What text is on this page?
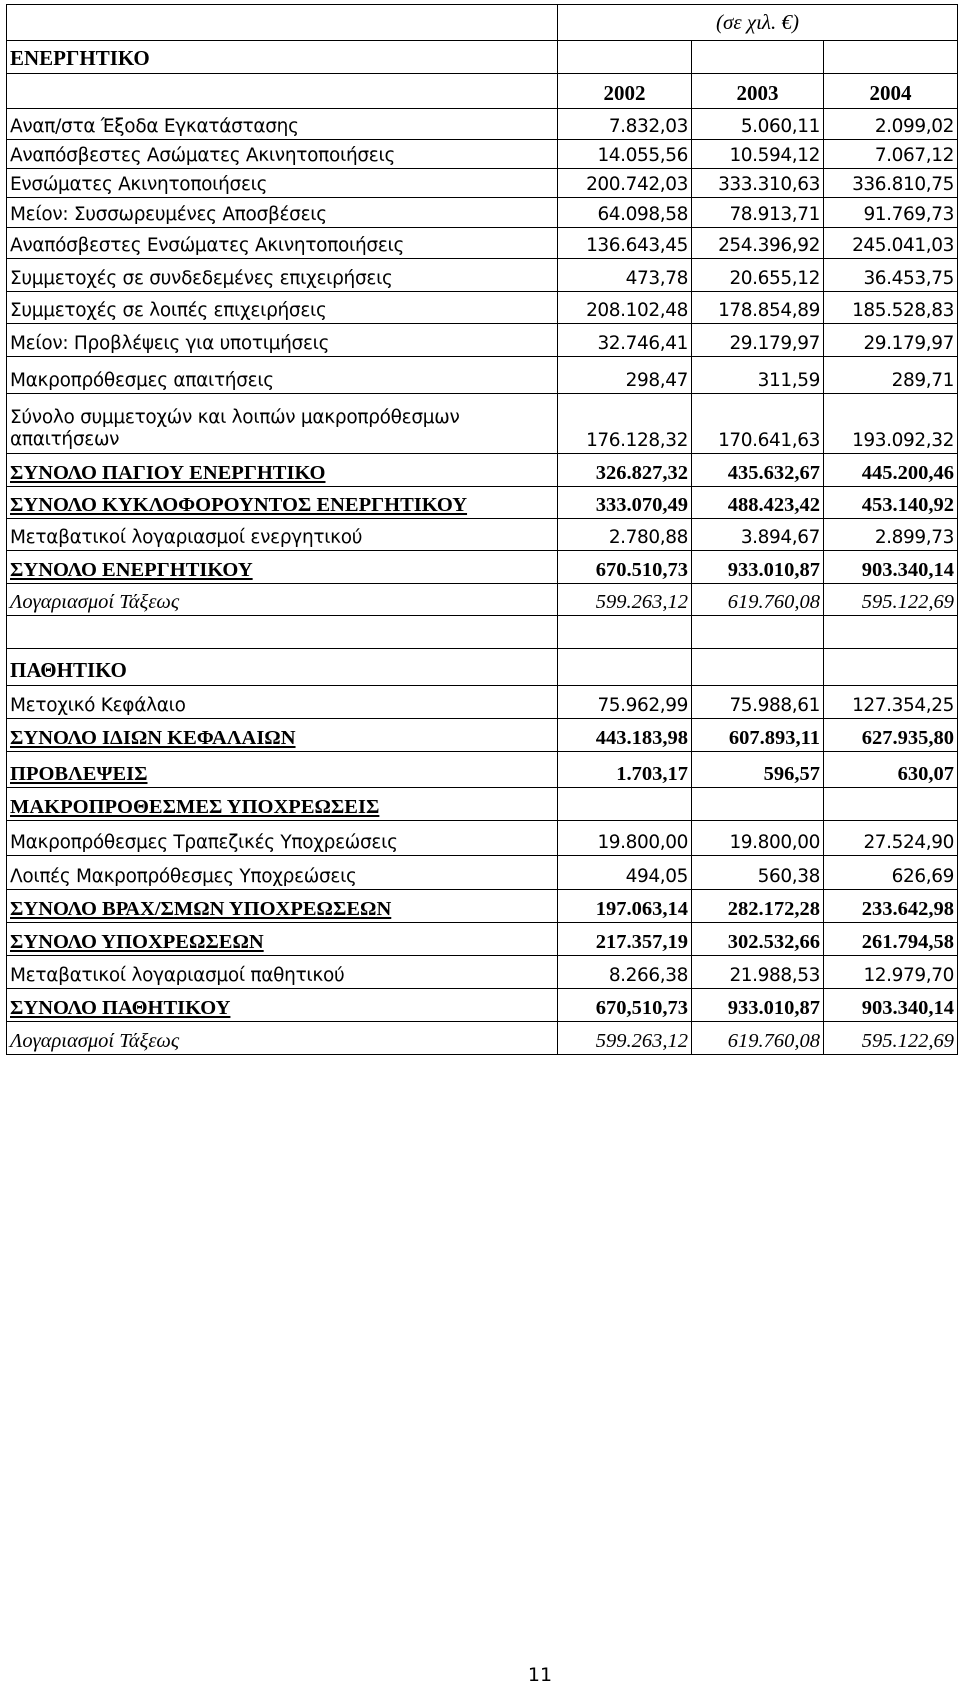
	(σε χιλ. €)		
ΕΝΕΡΓΗΤΙΚΟ			
	2002	2003	2004
Αναπ/στα Έξοδα Εγκατάστασης	7.832,03	5.060,11	2.099,02
Αναπόσβεστες Ασώματες Ακινητοποιήσεις	14.055,56	10.594,12	7.067,12
Ενσώματες Ακινητοποιήσεις	200.742,03	333.310,63	336.810,75
Μείον: Συσσωρευμένες Αποσβέσεις	64.098,58	78.913,71	91.769,73
Αναπόσβεστες Ενσώματες Ακινητοποιήσεις	136.643,45	254.396,92	245.041,03
Συμμετοχές σε συνδεδεμένες επιχειρήσεις	473,78	20.655,12	36.453,75
Συμμετοχές σε λοιπές επιχειρήσεις	208.102,48	178.854,89	185.528,83
Μείον: Προβλέψεις για υποτιμήσεις	32.746,41	29.179,97	29.179,97
Μακροπρόθεσμες απαιτήσεις	298,47	311,59	289,71
Σύνολο συμμετοχών και λοιπών μακροπρόθεσμων απαιτήσεων	176.128,32	170.641,63	193.092,32
ΣΥΝΟΛΟ ΠΑΓΙΟΥ ΕΝΕΡΓΗΤΙΚΟ	326.827,32	435.632,67	445.200,46
ΣΥΝΟΛΟ ΚΥΚΛΟΦΟΡΟΥΝΤΟΣ ΕΝΕΡΓΗΤΙΚΟΥ	333.070,49	488.423,42	453.140,92
Μεταβατικοί λογαριασμοί ενεργητικού	2.780,88	3.894,67	2.899,73
ΣΥΝΟΛΟ ΕΝΕΡΓΗΤΙΚΟΥ	670.510,73	933.010,87	903.340,14
Λογαριασμοί Τάξεως	599.263,12	619.760,08	595.122,69

ΠΑΘΗΤΙΚΟ			
Μετοχικό Κεφάλαιο	75.962,99	75.988,61	127.354,25
ΣΥΝΟΛΟ ΙΔΙΩΝ ΚΕΦΑΛΑΙΩΝ	443.183,98	607.893,11	627.935,80
ΠΡΟΒΛΕΨΕΙΣ	1.703,17	596,57	630,07
ΜΑΚΡΟΠΡΟΘΕΣΜΕΣ ΥΠΟΧΡΕΩΣΕΙΣ			
Μακροπρόθεσμες Τραπεζικές Υποχρεώσεις	19.800,00	19.800,00	27.524,90
Λοιπές Μακροπρόθεσμες Υποχρεώσεις	494,05	560,38	626,69
ΣΥΝΟΛΟ ΒΡΑΧ/ΣΜΩΝ ΥΠΟΧΡΕΩΣΕΩΝ	197.063,14	282.172,28	233.642,98
ΣΥΝΟΛΟ ΥΠΟΧΡΕΩΣΕΩΝ	217.357,19	302.532,66	261.794,58
Μεταβατικοί λογαριασμοί παθητικού	8.266,38	21.988,53	12.979,70
ΣΥΝΟΛΟ ΠΑΘΗΤΙΚΟΥ	670,510,73	933.010,87	903.340,14
Λογαριασμοί Τάξεως	599.263,12	619.760,08	595.122,69
11
